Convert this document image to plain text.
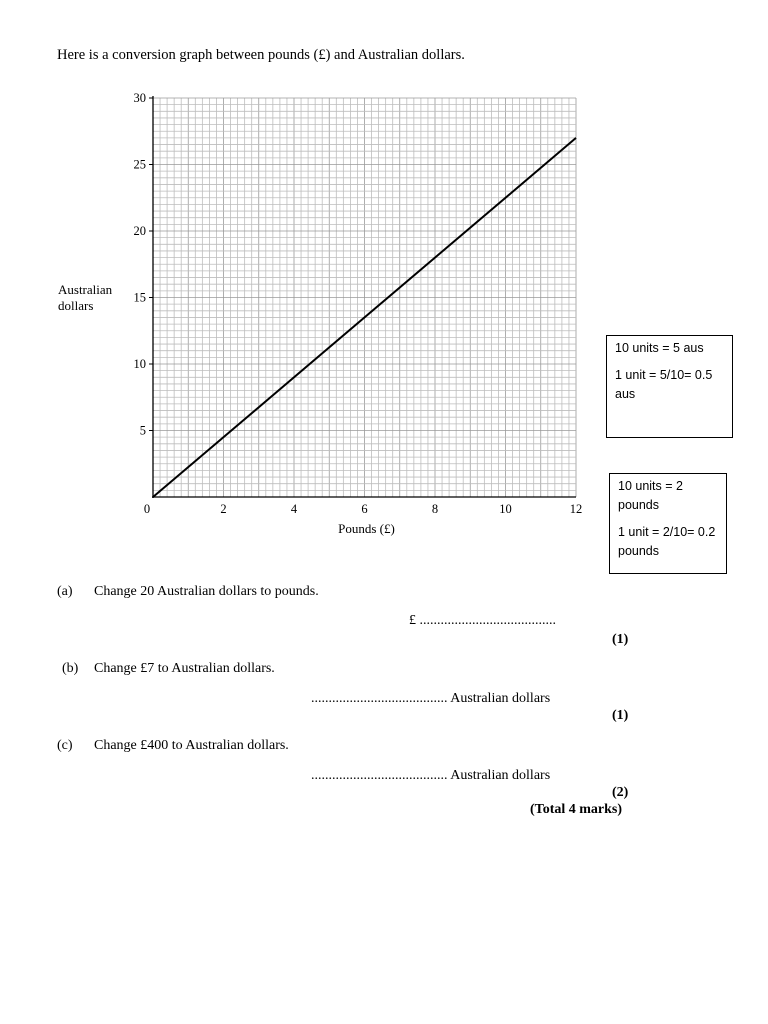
Here is a conversion graph between pounds (£) and Australian dollars.
5
10
15
20
25
30
0	2	4	6	8	10	12
Pounds (£)
Australian dollars

10 units = 5 aus

1 unit = 5/10= 0.5 aus

10 units = 2 pounds

1 unit = 2/10= 0.2 pounds

(a) Change 20 Australian dollars to pounds.
£ .......................................
(1)
(b) Change £7 to Australian dollars.
....................................... Australian dollars
(1)
(c) Change £400 to Australian dollars.
....................................... Australian dollars
(2)
(Total 4 marks)
